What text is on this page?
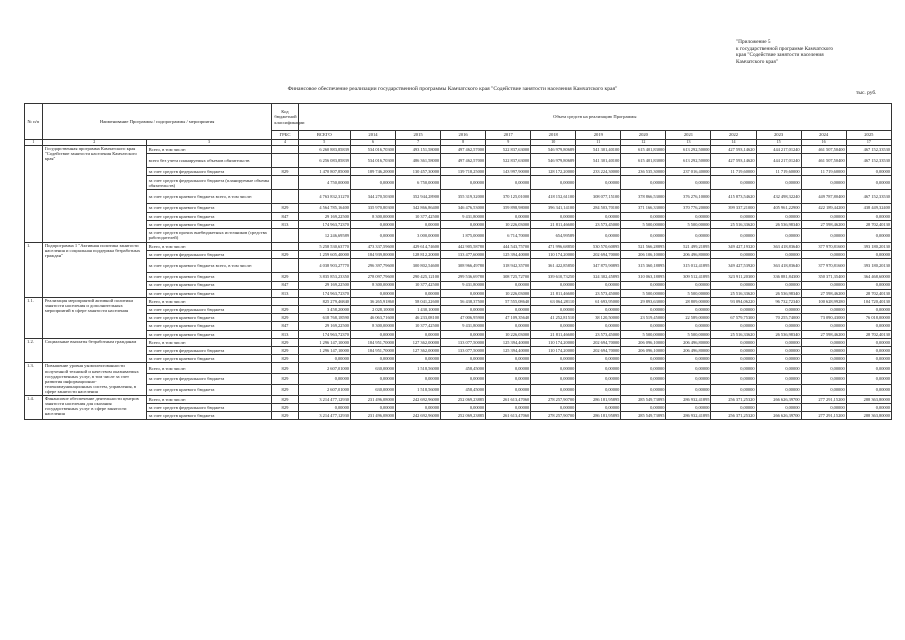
"Приложение 5
к государственной программе Камчатского
края "Содействие занятости населения
Камчатского края"
Финансовое обеспечение реализации государственной программы Камчатского края "Содействие занятости населения Камчатского края"
тыс. руб.
№ п/п	Наименование Программы / подпрограммы / мероприятия		Код бюджетной классификации	Объем средств на реализацию Программы												
			ГРБС	ВСЕГО	2014	2015	2016	2017	2018	2019	2020	2021	2022	2023	2024	2025
1	2	3	4	5	6	7	8	9	10	11	12	13	14	15	16	17
	Государственная программа Камчатского края "Содействие занятости населения Камчатского края"	Всего, в том числе:		6 260 883,85839	534 016,70300	493 151,58000	497 462,57000	522 837,63000	546 979,80689	541 301,40100	615 401,83000	613 292,50000	427 593,14620	444 217,01240	461 507,50400	467 152,33530
		всего без учета планируемых объемов обязательств		6 256 083,85839	534 016,70300	486 361,58000	497 462,57000	522 837,63000	546 979,80689	541 301,40100	615 401,83000	613 292,50000	427 593,14620	444 217,01240	461 507,50400	467 152,33530
		за счет средств федерального бюджета	829	1 470 807,85000	189 746,20000	130 457,30000	139 718,25000	143 997,90000	128 172,20000	233 224,30000	236 535,30000	237 016,40000	11 719,60000	11 719,60000	11 719,60000	0,00000
		за счет средств федерального бюджета (планируемые объемы обязательств)		4 750,00000	0,00000	6 750,00000	0,00000	0,00000	0,00000	0,00000	0,00000	0,00000	0,00000	0,00000	0,00000	0,00000
		за счет средств краевого бюджета всего, в том числе:		4 763 832,31270	344 270,50300	352 944,28900	355 319,32000	370 125,01000	418 152,61100	308 077,15100	378 866,53000	376 276,10000	415 873,54620	432 498,32240	449 787,80400	467 152,33530
		за счет средств краевого бюджета	829	4 564 785,16400	335 970,80300	342 866,86400	346 476,53000	359 898,98000	396 341,14100	284 503,70100	371 166,33000	370 776,20000	399 337,21000	405 961,22900	422 189,44200	438 449,32400
		за счет средств краевого бюджета	847	29 169,22500	8 300,00000	10 377,42500	9 431,80000	0,00000	0,00000	0,00000	0,00000	0,00000	0,00000	0,00000	0,00000	0,00000
		за счет средств краевого бюджета	813	174 963,72370	0,00000	0,00000	0,00000	10 226,03000	21 811,46600	23 573,45000	5 500,00000	5 500,00000	25 516,33620	26 536,98340	27 598,46200	28 702,40130
		за счет средств прочих внебюджетных источников (средства работодателей)		12 246,69589	0,00000	3 000,00000	1 875,00000	6 714,70000	654,99589	0,00000	0,00000	0,00000	0,00000	0,00000	0,00000	0,00000
1.	Подпрограмма 1 "Активная политика занятости населения и социальная поддержка безработных граждан"	Всего, в том числе:		5 258 530,63770	473 337,59600	429 614,74600	442 905,58780	444 543,75700	471 996,68850	530 570,60895	521 566,28895	521 499,21895	349 427,19320	363 418,83640	377 970,81600	393 180,20130
		за счет средств федерального бюджета	829	1 259 605,40000	184 939,80000	128 812,20000	133 477,60000	125 394,40000	110 174,20000	202 694,70000	206 106,10000	206 496,80000	0,00000	0,00000	0,00000	0,00000
		за счет средств краевого бюджета всего, в том числе:		4 038 903,27770	296 397,79600	300 802,54600	308 966,49780	318 942,35700	361 422,85850	347 875,90895	315 360,18895	315 012,41895	349 427,53920	363 418,83640	377 970,81600	393 180,20130
		за счет средств краевого бюджета	829	3 835 853,23350	278 097,79600	290 425,12100	299 536,69780	308 725,72700	339 610,73250	324 302,45895	310 063,18895	309 512,41895	323 911,20300	336 881,84300	350 371,35400	364 468,60000
		за счет средств краевого бюджета	847	29 169,22500	8 300,00000	10 377,42500	9 431,80000	0,00000	0,00000	0,00000	0,00000	0,00000	0,00000	0,00000	0,00000	0,00000
		за счет средств краевого бюджета	813	174 963,72370	0,00000	0,00000	0,00000	10 226,03000	21 811,46600	23 573,45000	5 500,00000	5 500,00000	25 516,33620	26 536,98340	27 598,46200	28 702,40130
1.1.	Реализация мероприятий активной политики занятости населения и дополнительных мероприятий в сфере занятости населения	Всего, в том числе:		825 279,46840	36 265,91860	58 041,22600	56 438,37500	57 555,08640	63 064,28110	61 693,95000	29 893,63000	28 809,00000	93 094,06220	96 732,72340	100 628,99280	104 720,40130
		за счет средств федерального бюджета	829	3 458,20000	2 028,10000	1 430,10000	0,00000	0,00000	0,00000	0,00000	0,00000	0,00000	0,00000	0,00000	0,00000	0,00000
		за счет средств краевого бюджета	829	618 768,18590	46 063,71600	46 233,08100	47 006,95900	47 109,35640	41 252,81510	38 120,50000	23 519,45000	22 589,00000	67 579,75300	70 255,74000	73 090,43000	76 018,00000
		за счет средств краевого бюджета	847	29 169,22500	8 300,00000	10 377,42500	9 431,80000	0,00000	0,00000	0,00000	0,00000	0,00000	0,00000	0,00000	0,00000	0,00000
		за счет средств краевого бюджета	813	174 963,72370	0,00000	0,00000	0,00000	10 226,03000	21 811,46600	23 573,45000	5 500,00000	5 500,00000	25 516,33620	26 536,98340	27 598,46200	28 702,40130
1.2.	Социальные выплаты безработным гражданам	Всего, в том числе:	829	1 296 147,10000	184 951,70000	127 362,00000	133 077,50000	125 394,40000	110 174,20000	202 694,70000	206 096,10000	206 496,80000	0,00000	0,00000	0,00000	0,00000
		за счет средств федерального бюджета	829	1 296 147,10000	184 951,70000	127 362,00000	133 077,50000	125 394,40000	110 174,20000	202 694,70000	206 096,10000	206 496,80000	0,00000	0,00000	0,00000	0,00000
		за счет средств краевого бюджета	829	0,00000	0,00000	0,00000	0,00000	0,00000	0,00000	0,00000	0,00000	0,00000	0,00000	0,00000	0,00000	0,00000
1.3.	Повышение уровня укомплектованности полученной техникой и качеством оказываемых государственных услуг, в том числе за счет развития информационно-телекоммуникационных систем, управления, в сфере занятости населения	Всего, в том числе:	829	2 607,01000	630,00000	1 518,56000	458,45000	0,00000	0,00000	0,00000	0,00000	0,00000	0,00000	0,00000	0,00000	0,00000
		за счет средств федерального бюджета	829	0,00000	0,00000	0,00000	0,00000	0,00000	0,00000	0,00000	0,00000	0,00000	0,00000	0,00000	0,00000	0,00000
		за счет средств краевого бюджета	829	2 607,01000	630,00000	1 518,56000	458,45000	0,00000	0,00000	0,00000	0,00000	0,00000	0,00000	0,00000	0,00000	0,00000
1.4.	Финансовое обеспечение деятельности центров занятости населения для оказания государственных услуг в сфере занятости населения	Всего, в том числе:	829	3 214 477,12930	231 496,08000	242 692,96000	252 069,23885	261 613,47060	278 257,90700	286 181,95895	285 549,73895	286 932,41895	256 371,25320	266 626,39700	277 291,15200	288 363,80000
		за счет средств федерального бюджета	829	0,00000	0,00000	0,00000	0,00000	0,00000	0,00000	0,00000	0,00000	0,00000	0,00000	0,00000	0,00000	0,00000
		за счет средств краевого бюджета	829	3 214 477,12930	231 496,08000	242 692,96000	252 069,23885	261 613,47060	278 257,90700	286 181,95895	285 549,73895	286 932,41895	256 371,25320	266 626,39700	277 291,15200	288 363,80000
